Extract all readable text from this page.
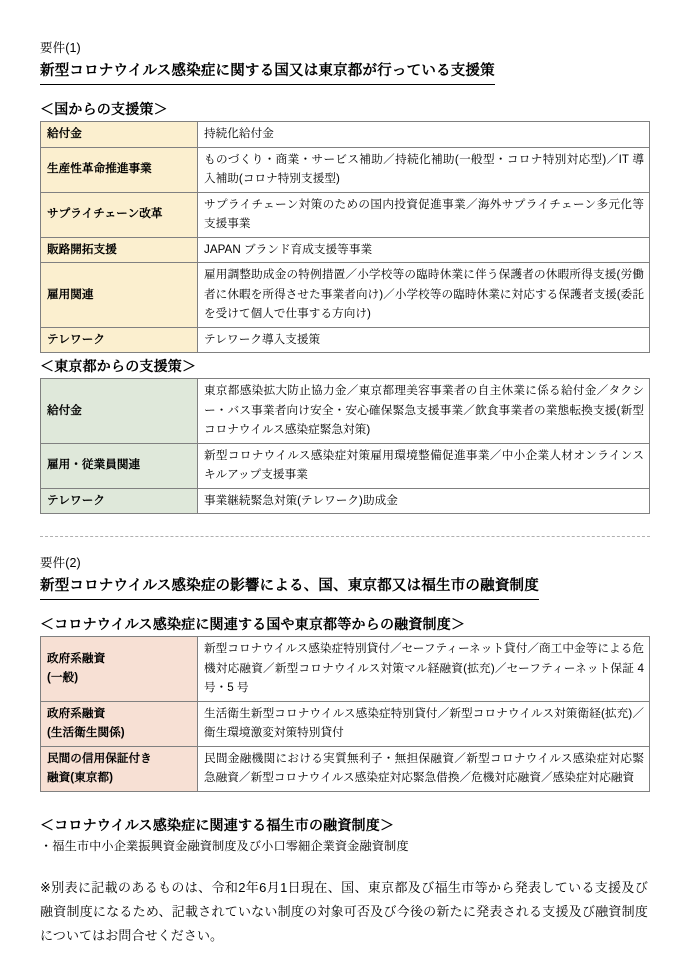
要件(1)

新型コロナウイルス感染症に関する国又は東京都が行っている支援策
＜国からの支援策＞
給付金	持続化給付金
生産性革命推進事業	ものづくり・商業・サービス補助／持続化補助(一般型・コロナ特別対応型)／IT 導入補助(コロナ特別支援型)
サプライチェーン改革	サプライチェーン対策のための国内投資促進事業／海外サプライチェーン多元化等支援事業
販路開拓支援	JAPAN ブランド育成支援等事業
雇用関連	雇用調整助成金の特例措置／小学校等の臨時休業に伴う保護者の休暇所得支援(労働者に休暇を所得させた事業者向け)／小学校等の臨時休業に対応する保護者支援(委託を受けて個人で仕事する方向け)
テレワーク	テレワーク導入支援策
＜東京都からの支援策＞
給付金	東京都感染拡大防止協力金／東京都理美容事業者の自主休業に係る給付金／タクシー・バス事業者向け安全・安心確保緊急支援事業／飲食事業者の業態転換支援(新型コロナウイルス感染症緊急対策)
雇用・従業員関連	新型コロナウイルス感染症対策雇用環境整備促進事業／中小企業人材オンラインスキルアップ支援事業
テレワーク	事業継続緊急対策(テレワーク)助成金

要件(2)

新型コロナウイルス感染症の影響による、国、東京都又は福生市の融資制度
＜コロナウイルス感染症に関連する国や東京都等からの融資制度＞
政府系融資
(一般)	新型コロナウイルス感染症特別貸付／セーフティーネット貸付／商工中金等による危機対応融資／新型コロナウイルス対策マル経融資(拡充)／セーフティーネット保証 4 号・5 号
政府系融資
(生活衛生関係)	生活衛生新型コロナウイルス感染症特別貸付／新型コロナウイルス対策衛経(拡充)／衛生環境激変対策特別貸付
民間の信用保証付き
融資(東京都)	民間金融機関における実質無利子・無担保融資／新型コロナウイルス感染症対応緊急融資／新型コロナウイルス感染症対応緊急借換／危機対応融資／感染症対応融資
＜コロナウイルス感染症に関連する福生市の融資制度＞

・福生市中小企業振興資金融資制度及び小口零細企業資金融資制度

※別表に記載のあるものは、令和2年6月1日現在、国、東京都及び福生市等から発表している支援及び融資制度になるため、記載されていない制度の対象可否及び今後の新たに発表される支援及び融資制度についてはお問合せください。
